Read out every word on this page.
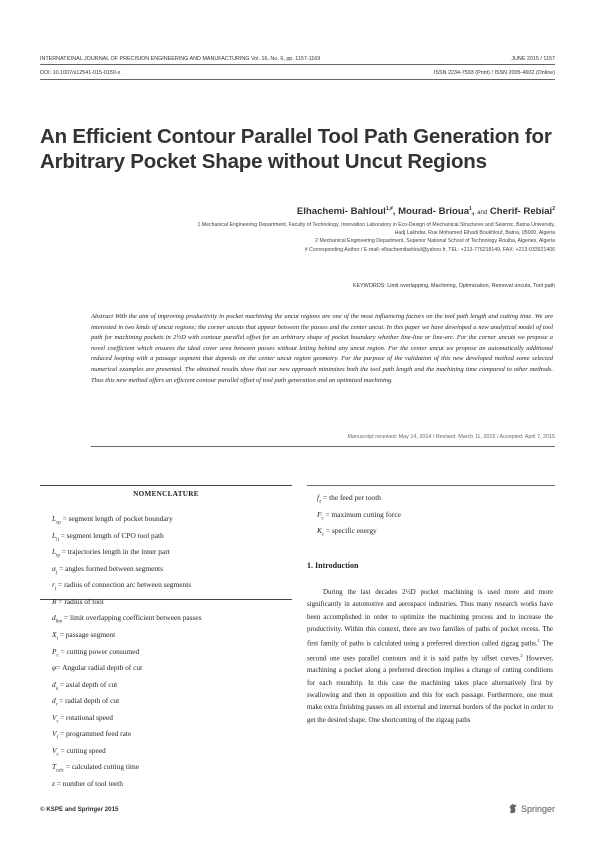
INTERNATIONAL JOURNAL OF PRECISION ENGINEERING AND MANUFACTURING Vol. 16, No. 6, pp. 1157-1169	JUNE 2015 / 1157
DOI: 10.1007/s12541-015-0150-x	ISSN 2234-7593 (Print) / ISSN 2005-4602 (Online)
An Efficient Contour Parallel Tool Path Generation for Arbitrary Pocket Shape without Uncut Regions
Elhachemi- Bahloul$^{1,\#}$, Mourad- Brioua$^1$, and Cherif- Rebiai$^2$
1 Mechanical Engineering Department, Faculty of Technology, Innovation Laboratory in Eco-Design of Mechanical Structures and Seismic, Batna University,
Hadj Lakhdar, Rue Mohamed Elhadi Boukhlouf, Batna, 05000, Algeria
2 Mechanical Engineering Department, Superior National School of Technology Rouiba, Algeries, Algeria
# Corresponding Author / E-mail: elhachemibahloul@yahoo.fr, TEL: +213-776218149, FAX: +213-033921406
KEYWORDS: Limit overlapping, Machining, Optimization, Removal uncuts, Tool path
Abstract With the aim of improving productivity in pocket machining the uncut regions are one of the most influencing factors on the tool path length and cutting time. We are interested in two kinds of uncut regions; the corner uncuts that appear between the passes and the center uncut. In this paper we have developed a new analytical model of tool path for machining pockets in 2½D with contour parallel offset for an arbitrary shape of pocket boundary whether line-line or line-arc. For the corner uncuts we propose a novel coefficient which ensures the ideal cover area between passes without letting behind any uncut region. For the center uncut we propose an automatically additional reduced looping with a passage segment that depends on the center uncut region geometry. For the purpose of the validation of this new developed method some selected numerical examples are presented. The obtained results show that our new approach minimizes both the tool path length and the machining time compared to other methods. Thus this new method offers an efficient contour parallel offset of tool path generation and an optimized machining.
Manuscript received: May 14, 2014 / Revised: March 11, 2015 / Accepted: April 7, 2015
NOMENCLATURE
$L_{cp}$ = segment length of pocket boundary
$L_{ij}$ = segment length of CPO tool path
$L_{tp}$ = trajectories length in the inner part
$\alpha_j$ = angles formed between segments
$r_j$ = radius of connection arc between segments
R = radius of tool
$d_{lim}$ = limit overlapping coefficient between passes
$X_i$ = passage segment
$P_c$ = cutting power consumed
φ= Angular radial depth of cut
$d_a$ = axial depth of cut
$d_r$ = radial depth of cut
$V_r$ = rotational speed
$V_f$ = programmed feed rate
$V_c$ = cutting speed
$T_{calc}$ = calculated cutting time
z = number of tool teeth
$f_z$ = the feed per tooth
$F_c$ = maximum cutting force
$K_c$ = specific energy
1. Introduction
During the last decades 2½D pocket machining is used more and more significantly in automotive and aerospace industries. Thus many research works have been accomplished in order to optimize the machining process and to increase the productivity. Within this context, there are two families of paths of pocket recess. The first family of paths is calculated using a preferred direction called zigzag paths.$^1$ The second one uses parallel contours and it is said paths by offset curves.$^2$ However, machining a pocket along a preferred direction implies a change of cutting conditions for each roundtrip. In this case the machining takes place alternatively first by swallowing and then in opposition and this for each passage. Furthermore, one must make extra finishing passes on all external and internal borders of the pocket in order to get the desired shape. One shortcoming of the zigzag paths
© KSPE and Springer 2015	Springer
